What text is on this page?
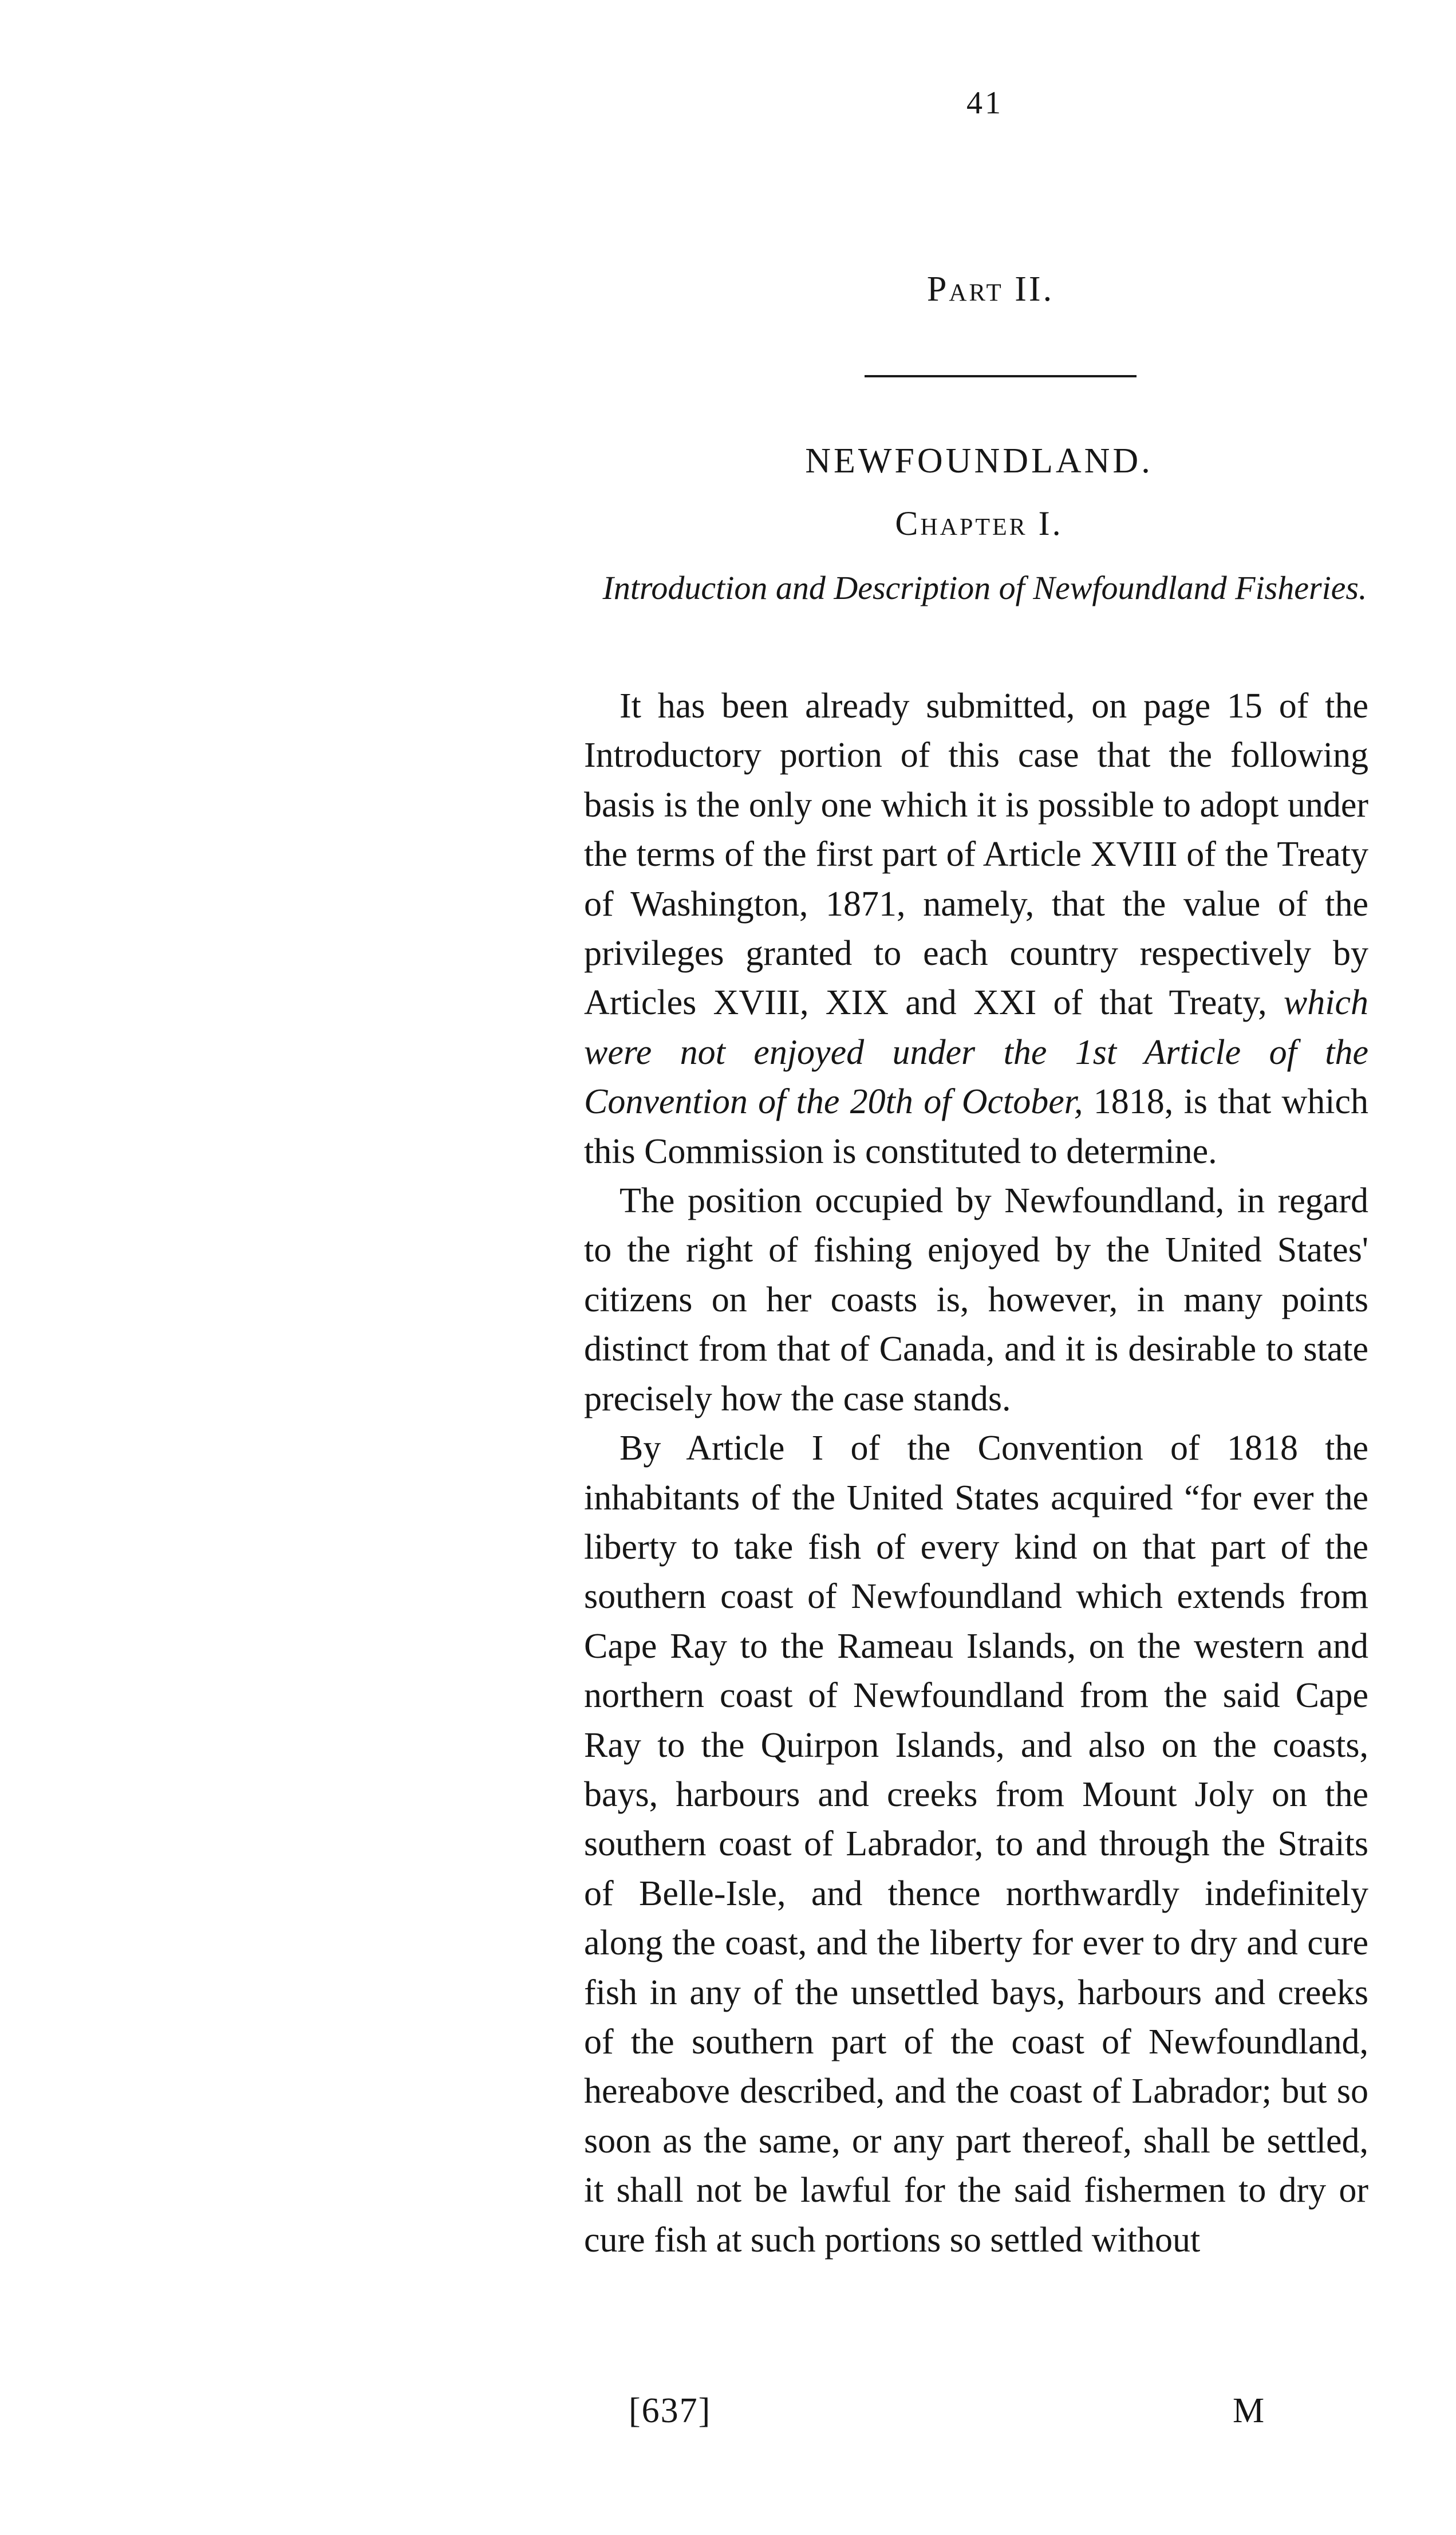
41
Part II.
NEWFOUNDLAND.
Chapter I.
Introduction and Description of Newfoundland Fisheries.

It has been already submitted, on page 15 of the Introductory portion of this case that the following basis is the only one which it is possible to adopt under the terms of the first part of Article XVIII of the Treaty of Washington, 1871, namely, that the value of the privileges granted to each country respectively by Articles XVIII, XIX and XXI of that Treaty, which were not enjoyed under the 1st Article of the Convention of the 20th of October, 1818, is that which this Commission is constituted to determine.

The position occupied by Newfoundland, in regard to the right of fishing enjoyed by the United States' citizens on her coasts is, however, in many points distinct from that of Canada, and it is desirable to state precisely how the case stands.

By Article I of the Convention of 1818 the inhabitants of the United States acquired “for ever the liberty to take fish of every kind on that part of the southern coast of Newfoundland which extends from Cape Ray to the Rameau Islands, on the western and northern coast of Newfoundland from the said Cape Ray to the Quirpon Islands, and also on the coasts, bays, harbours and creeks from Mount Joly on the southern coast of Labrador, to and through the Straits of Belle-Isle, and thence northwardly indefinitely along the coast, and the liberty for ever to dry and cure fish in any of the unsettled bays, harbours and creeks of the southern part of the coast of Newfoundland, hereabove described, and the coast of Labrador; but so soon as the same, or any part thereof, shall be settled, it shall not be lawful for the said fishermen to dry or cure fish at such portions so settled without

[637]	M
